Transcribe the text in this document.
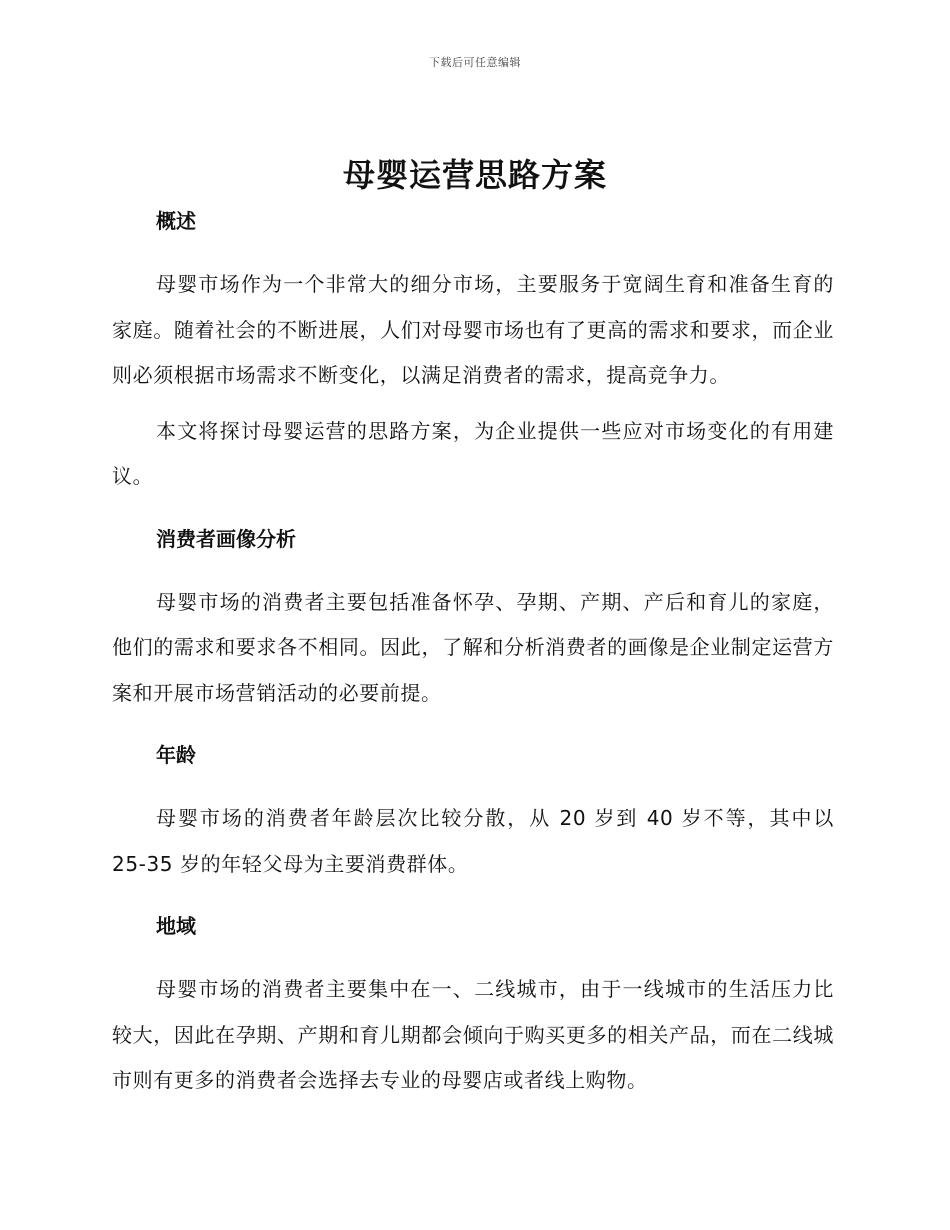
下载后可任意编辑
母婴运营思路方案
概述

母婴市场作为一个非常大的细分市场，主要服务于宽阔生育和准备生育的家庭。随着社会的不断进展，人们对母婴市场也有了更高的需求和要求，而企业则必须根据市场需求不断变化，以满足消费者的需求，提高竞争力。

本文将探讨母婴运营的思路方案，为企业提供一些应对市场变化的有用建议。

消费者画像分析

母婴市场的消费者主要包括准备怀孕、孕期、产期、产后和育儿的家庭，他们的需求和要求各不相同。因此，了解和分析消费者的画像是企业制定运营方案和开展市场营销活动的必要前提。

年龄

母婴市场的消费者年龄层次比较分散，从 20 岁到 40 岁不等，其中以 25-35 岁的年轻父母为主要消费群体。

地域

母婴市场的消费者主要集中在一、二线城市，由于一线城市的生活压力比较大，因此在孕期、产期和育儿期都会倾向于购买更多的相关产品，而在二线城市则有更多的消费者会选择去专业的母婴店或者线上购物。
